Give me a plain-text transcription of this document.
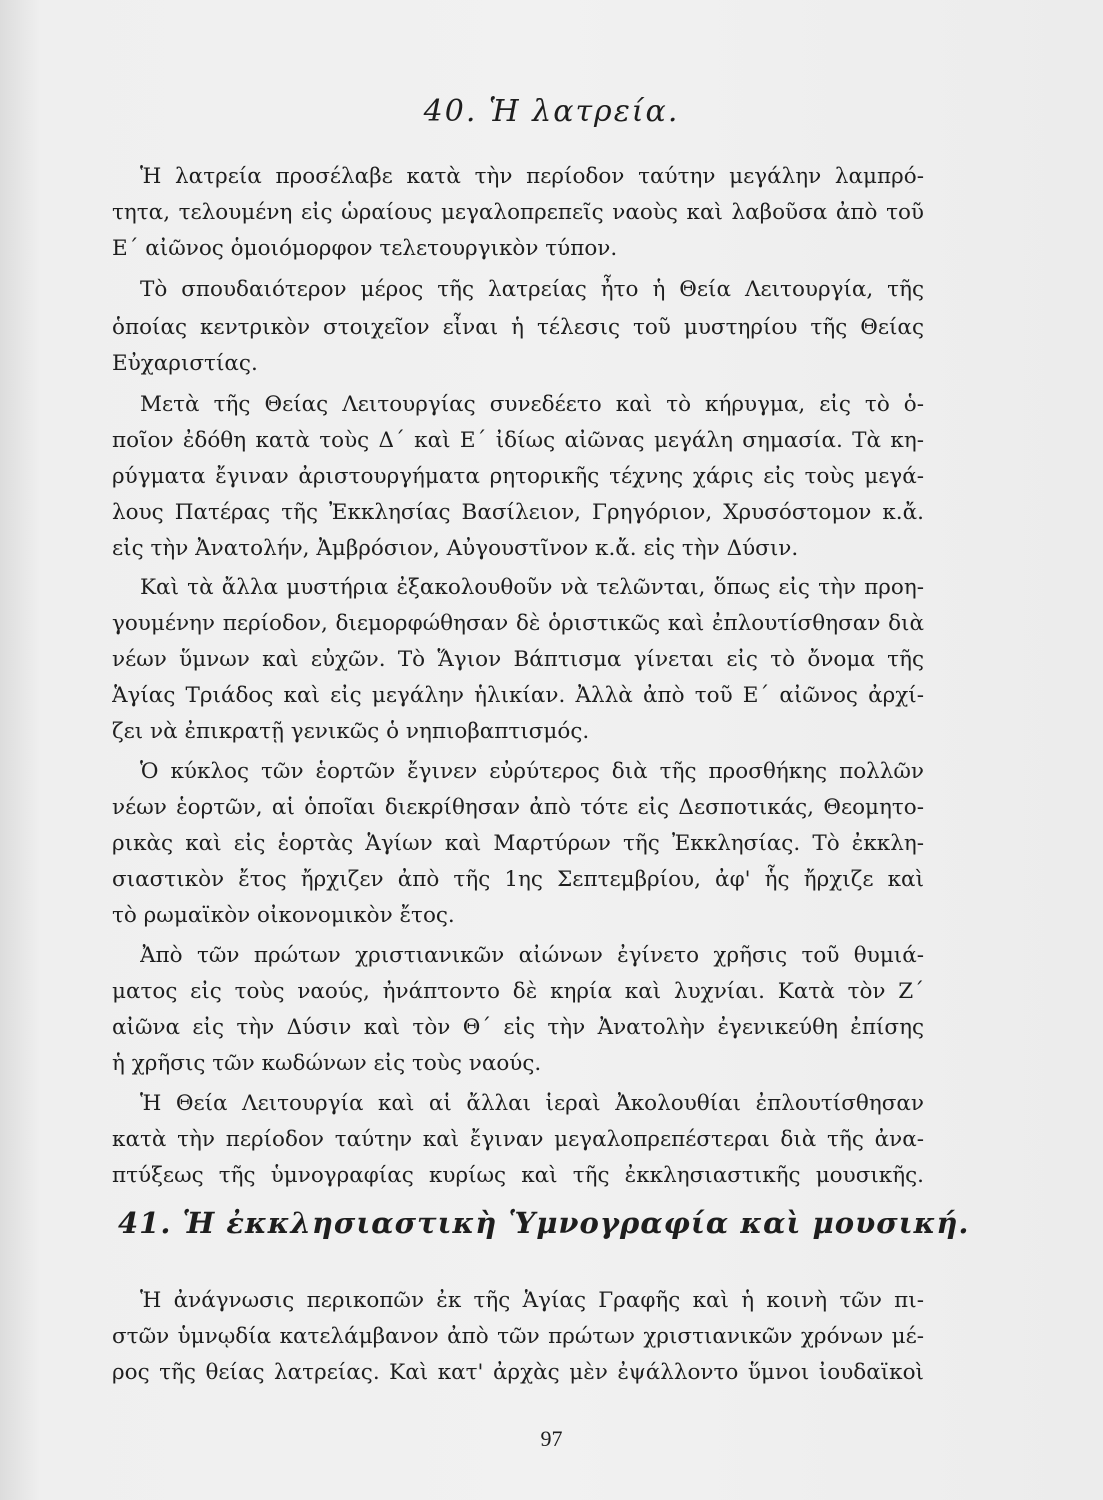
40. Ἡ λατρεία.
Ἡ λατρεία προσέλαβε κατὰ τὴν περίοδον ταύτην μεγάλην λαμπρό-
τητα, τελουμένη εἰς ὡραίους μεγαλοπρεπεῖς ναοὺς καὶ λαβοῦσα ἀπὸ τοῦ
Ε΄ αἰῶνος ὁμοιόμορφον τελετουργικὸν τύπον.
Τὸ σπουδαιότερον μέρος τῆς λατρείας ἦτο ἡ Θεία Λειτουργία, τῆς
ὁποίας κεντρικὸν στοιχεῖον εἶναι ἡ τέλεσις τοῦ μυστηρίου τῆς Θείας
Εὐχαριστίας.
Μετὰ τῆς Θείας Λειτουργίας συνεδέετο καὶ τὸ κήρυγμα, εἰς τὸ ὁ-
ποῖον ἐδόθη κατὰ τοὺς Δ΄ καὶ Ε΄ ἰδίως αἰῶνας μεγάλη σημασία. Τὰ κη-
ρύγματα ἔγιναν ἀριστουργήματα ρητορικῆς τέχνης χάρις εἰς τοὺς μεγά-
λους Πατέρας τῆς Ἐκκλησίας Βασίλειον, Γρηγόριον, Χρυσόστομον κ.ἄ.
εἰς τὴν Ἀνατολήν, Ἀμβρόσιον, Αὐγουστῖνον κ.ἄ. εἰς τὴν Δύσιν.
Καὶ τὰ ἄλλα μυστήρια ἐξακολουθοῦν νὰ τελῶνται, ὅπως εἰς τὴν προη-
γουμένην περίοδον, διεμορφώθησαν δὲ ὁριστικῶς καὶ ἐπλουτίσθησαν διὰ
νέων ὕμνων καὶ εὐχῶν. Τὸ Ἅγιον Βάπτισμα γίνεται εἰς τὸ ὄνομα τῆς
Ἁγίας Τριάδος καὶ εἰς μεγάλην ἡλικίαν. Ἀλλὰ ἀπὸ τοῦ Ε΄ αἰῶνος ἀρχί-
ζει νὰ ἐπικρατῇ γενικῶς ὁ νηπιοβαπτισμός.
Ὁ κύκλος τῶν ἑορτῶν ἔγινεν εὐρύτερος διὰ τῆς προσθήκης πολλῶν
νέων ἑορτῶν, αἱ ὁποῖαι διεκρίθησαν ἀπὸ τότε εἰς Δεσποτικάς, Θεομητο-
ρικὰς καὶ εἰς ἑορτὰς Ἁγίων καὶ Μαρτύρων τῆς Ἐκκλησίας. Τὸ ἐκκλη-
σιαστικὸν ἔτος ἤρχιζεν ἀπὸ τῆς 1ης Σεπτεμβρίου, ἀφ' ἧς ἤρχιζε καὶ
τὸ ρωμαϊκὸν οἰκονομικὸν ἔτος.
Ἀπὸ τῶν πρώτων χριστιανικῶν αἰώνων ἐγίνετο χρῆσις τοῦ θυμιά-
ματος εἰς τοὺς ναούς, ἠνάπτοντο δὲ κηρία καὶ λυχνίαι. Κατὰ τὸν Ζ΄
αἰῶνα εἰς τὴν Δύσιν καὶ τὸν Θ΄ εἰς τὴν Ἀνατολὴν ἐγενικεύθη ἐπίσης
ἡ χρῆσις τῶν κωδώνων εἰς τοὺς ναούς.
Ἡ Θεία Λειτουργία καὶ αἱ ἄλλαι ἱεραὶ Ἀκολουθίαι ἐπλουτίσθησαν
κατὰ τὴν περίοδον ταύτην καὶ ἔγιναν μεγαλοπρεπέστεραι διὰ τῆς ἀνα-
πτύξεως τῆς ὑμνογραφίας κυρίως καὶ τῆς ἐκκλησιαστικῆς μουσικῆς.
41. Ἡ ἐκκλησιαστικὴ Ὑμνογραφία καὶ μουσική.
Ἡ ἀνάγνωσις περικοπῶν ἐκ τῆς Ἁγίας Γραφῆς καὶ ἡ κοινὴ τῶν πι-
στῶν ὑμνῳδία κατελάμβανον ἀπὸ τῶν πρώτων χριστιανικῶν χρόνων μέ-
ρος τῆς θείας λατρείας. Καὶ κατ' ἀρχὰς μὲν ἐψάλλοντο ὕμνοι ἰουδαϊκοὶ
97
